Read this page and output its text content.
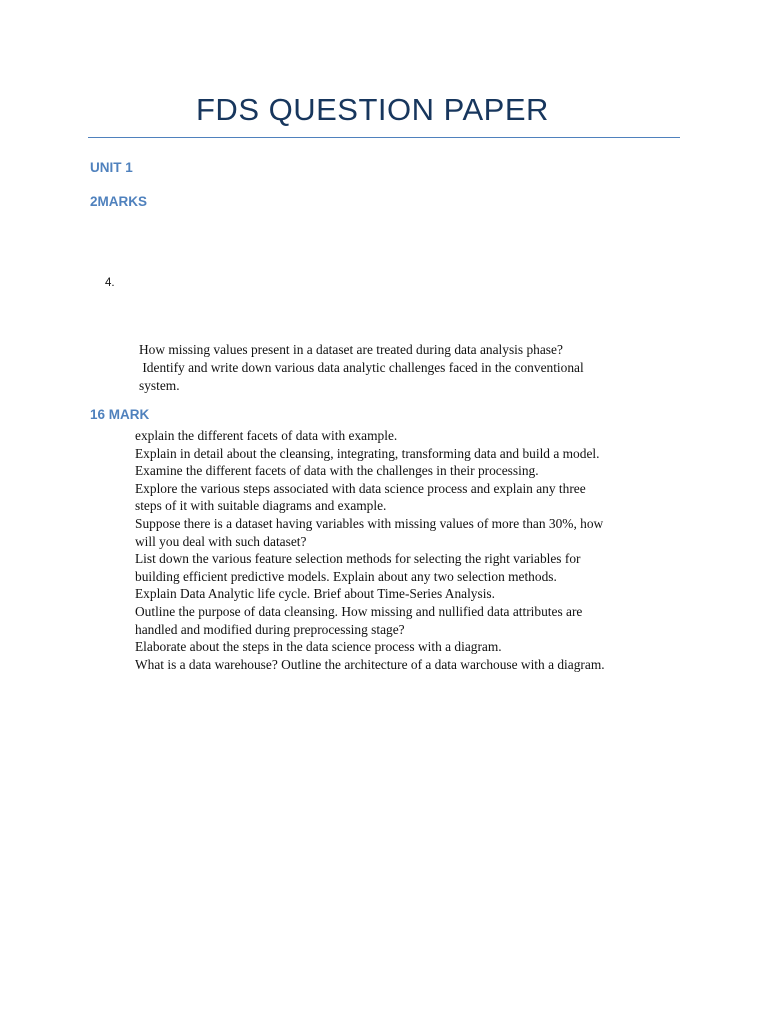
FDS QUESTION PAPER
UNIT 1
2MARKS
4.
How missing values present in a dataset are treated during data analysis phase?
Identify and write down various data analytic challenges faced in the conventional
system.
16 MARK
explain the different facets of data with example.
Explain in detail about the cleansing, integrating, transforming data and build a model.
Examine the different facets of data with the challenges in their processing.
Explore the various steps associated with data science process and explain any three
steps of it with suitable diagrams and example.
Suppose there is a dataset having variables with missing values of more than 30%, how
will you deal with such dataset?
List down the various feature selection methods for selecting the right variables for
building efficient predictive models. Explain about any two selection methods.
Explain Data Analytic life cycle. Brief about Time-Series Analysis.
Outline the purpose of data cleansing. How missing and nullified data attributes are
handled and modified during preprocessing stage?
Elaborate about the steps in the data science process with a diagram.
What is a data warehouse? Outline the architecture of a data warchouse with a diagram.
